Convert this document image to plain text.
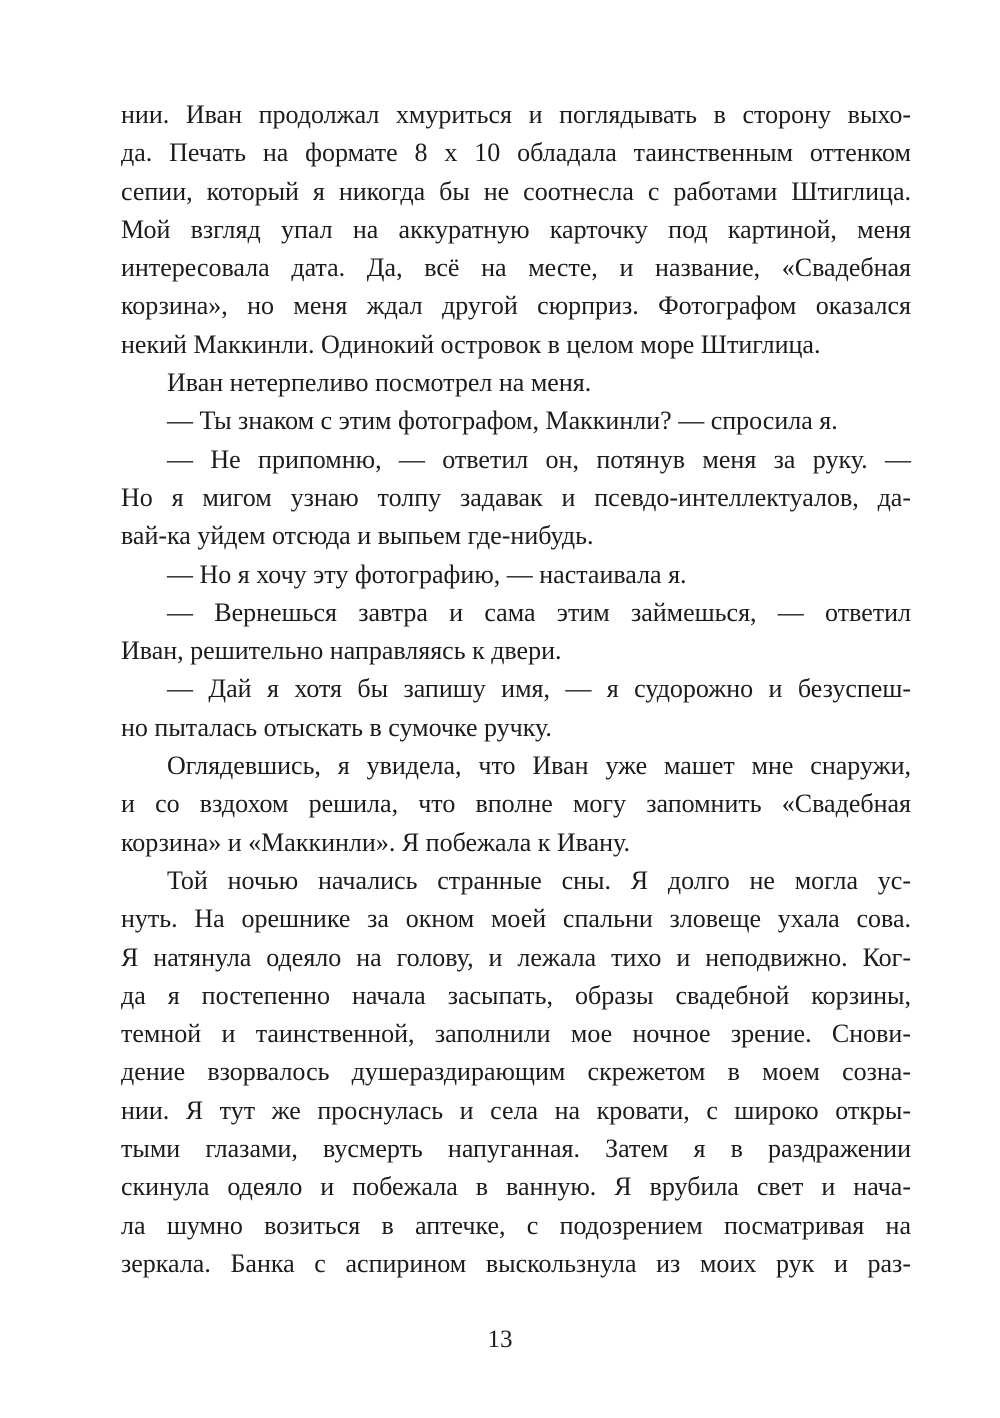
нии. Иван продолжал хмуриться и поглядывать в сторону выхо-
да. Печать на формате 8 x 10 обладала таинственным оттенком
сепии, который я никогда бы не соотнесла с работами Штиглица.
Мой взгляд упал на аккуратную карточку под картиной, меня
интересовала дата. Да, всё на месте, и название, «Свадебная
корзина», но меня ждал другой сюрприз. Фотографом оказался
некий Маккинли. Одинокий островок в целом море Штиглица.
Иван нетерпеливо посмотрел на меня.
— Ты знаком с этим фотографом, Маккинли? — спросила я.
— Не припомню, — ответил он, потянув меня за руку. —
Но я мигом узнаю толпу задавак и псевдо-интеллектуалов, да-
вай-ка уйдем отсюда и выпьем где-нибудь.
— Но я хочу эту фотографию, — настаивала я.
— Вернешься завтра и сама этим займешься, — ответил
Иван, решительно направляясь к двери.
— Дай я хотя бы запишу имя, — я судорожно и безуспеш-
но пыталась отыскать в сумочке ручку.
Оглядевшись, я увидела, что Иван уже машет мне снаружи,
и со вздохом решила, что вполне могу запомнить «Свадебная
корзина» и «Маккинли». Я побежала к Ивану.
Той ночью начались странные сны. Я долго не могла ус-
нуть. На орешнике за окном моей спальни зловеще ухала сова.
Я натянула одеяло на голову, и лежала тихо и неподвижно. Ког-
да я постепенно начала засыпать, образы свадебной корзины,
темной и таинственной, заполнили мое ночное зрение. Снови-
дение взорвалось душераздирающим скрежетом в моем созна-
нии. Я тут же проснулась и села на кровати, с широко откры-
тыми глазами, вусмерть напуганная. Затем я в раздражении
скинула одеяло и побежала в ванную. Я врубила свет и нача-
ла шумно возиться в аптечке, с подозрением посматривая на
зеркала. Банка с аспирином выскользнула из моих рук и раз-
13
